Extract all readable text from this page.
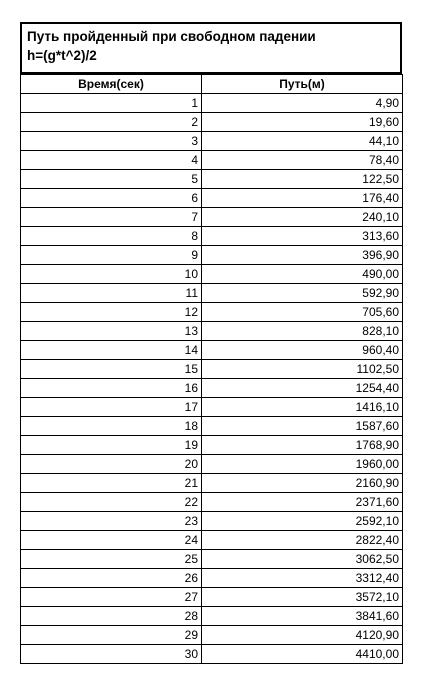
Путь пройденный при свободном падении
h=(g*t^2)/2
Время(сек)	Путь(м)
1	4,90
2	19,60
3	44,10
4	78,40
5	122,50
6	176,40
7	240,10
8	313,60
9	396,90
10	490,00
11	592,90
12	705,60
13	828,10
14	960,40
15	1102,50
16	1254,40
17	1416,10
18	1587,60
19	1768,90
20	1960,00
21	2160,90
22	2371,60
23	2592,10
24	2822,40
25	3062,50
26	3312,40
27	3572,10
28	3841,60
29	4120,90
30	4410,00
